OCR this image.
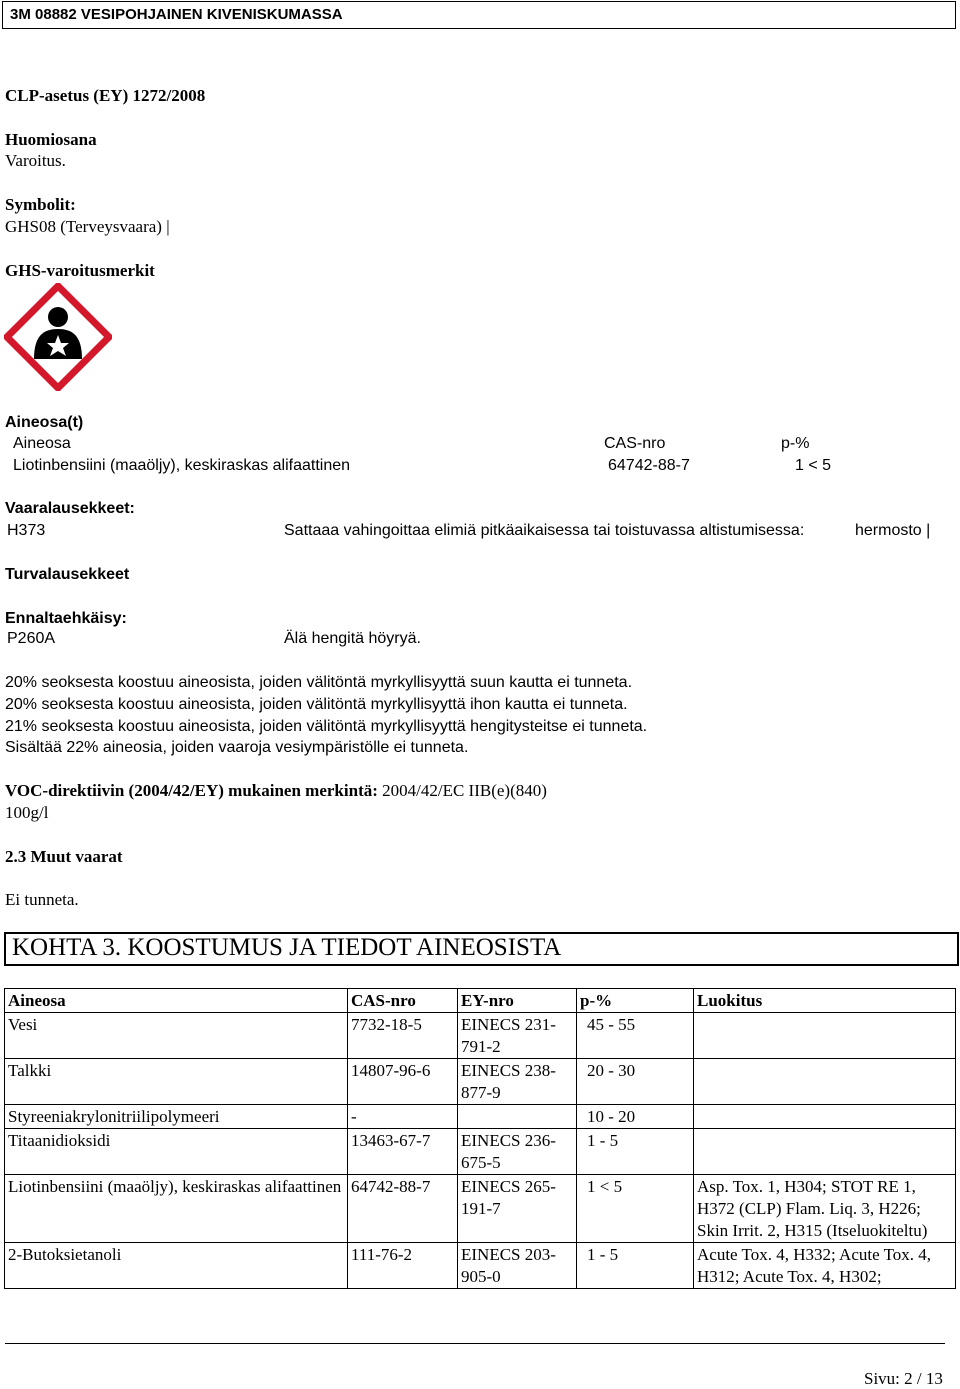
3M 08882 VESIPOHJAINEN KIVENISKUMASSA
CLP-asetus (EY) 1272/2008
Huomiosana
Varoitus.
Symbolit:
GHS08 (Terveysvaara) |
GHS-varoitusmerkit
Aineosa(t)
Aineosa	CAS-nro	p-%
Liotinbensiini (maaöljy), keskiraskas alifaattinen	64742-88-7	1 < 5
Vaaralausekkeet:
H373	Sattaaa vahingoittaa elimiä pitkäaikaisessa tai toistuvassa altistumisessa:	hermosto |
Turvalausekkeet
Ennaltaehkäisy:
P260A	Älä hengitä höyryä.
20% seoksesta koostuu aineosista, joiden välitöntä myrkyllisyyttä suun kautta ei tunneta.
20% seoksesta koostuu aineosista, joiden välitöntä myrkyllisyyttä ihon kautta ei tunneta.
21% seoksesta koostuu aineosista, joiden välitöntä myrkyllisyyttä hengitysteitse ei tunneta.
Sisältää 22% aineosia, joiden vaaroja vesiympäristölle ei tunneta.
VOC-direktiivin (2004/42/EY) mukainen merkintä: 2004/42/EC IIB(e)(840)
100g/l
2.3 Muut vaarat
Ei tunneta.
KOHTA 3. KOOSTUMUS JA TIEDOT AINEOSISTA
Aineosa	CAS-nro	EY-nro	p-%	Luokitus
Vesi	7732-18-5	EINECS 231-791-2	45 - 55	
Talkki	14807-96-6	EINECS 238-877-9	20 - 30	
Styreeniakrylonitriilipolymeeri	-		10 - 20	
Titaanidioksidi	13463-67-7	EINECS 236-675-5	1 - 5	
Liotinbensiini (maaöljy), keskiraskas alifaattinen	64742-88-7	EINECS 265-191-7	1 < 5	Asp. Tox. 1, H304; STOT RE 1, H372 (CLP) Flam. Liq. 3, H226; Skin Irrit. 2, H315 (Itseluokiteltu)
2-Butoksietanoli	111-76-2	EINECS 203-905-0	1 - 5	Acute Tox. 4, H332; Acute Tox. 4, H312; Acute Tox. 4, H302;
Sivu: 2 / 13
